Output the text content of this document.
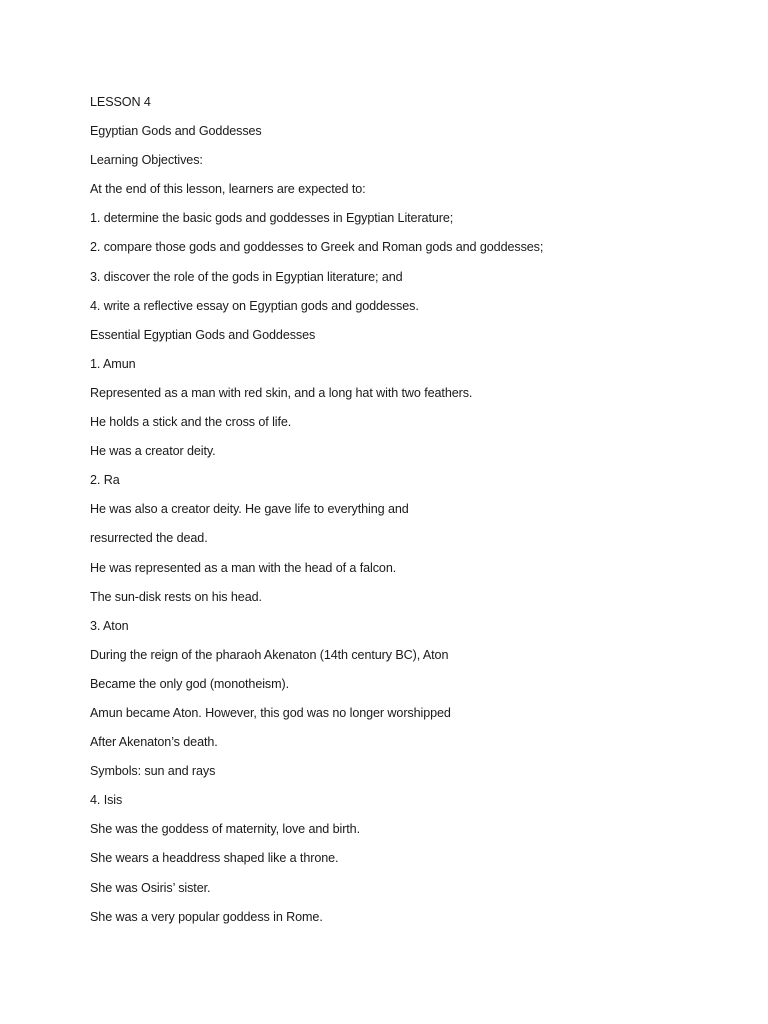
LESSON 4
Egyptian Gods and Goddesses
Learning Objectives:
At the end of this lesson, learners are expected to:
1. determine the basic gods and goddesses in Egyptian Literature;
2. compare those gods and goddesses to Greek and Roman gods and goddesses;
3. discover the role of the gods in Egyptian literature; and
4. write a reflective essay on Egyptian gods and goddesses.
Essential Egyptian Gods and Goddesses
1. Amun
Represented as a man with red skin, and a long hat with two feathers.
He holds a stick and the cross of life.
He was a creator deity.
2. Ra
He was also a creator deity. He gave life to everything and
resurrected the dead.
He was represented as a man with the head of a falcon.
The sun-disk rests on his head.
3. Aton
During the reign of the pharaoh Akenaton (14th century BC), Aton
Became the only god (monotheism).
Amun became Aton. However, this god was no longer worshipped
After Akenaton’s death.
Symbols: sun and rays
4. Isis
She was the goddess of maternity, love and birth.
She wears a headdress shaped like a throne.
She was Osiris’ sister.
She was a very popular goddess in Rome.
